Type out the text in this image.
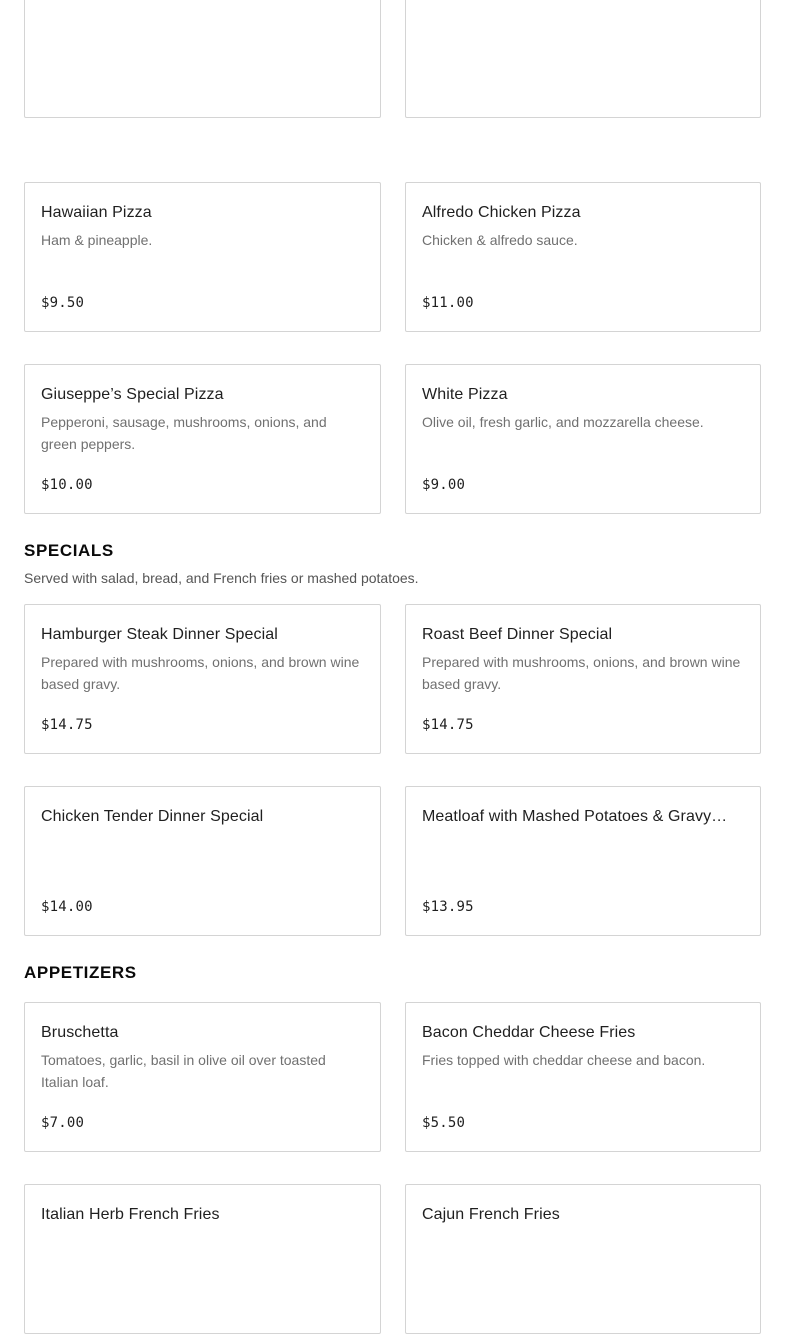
Hawaiian Pizza
Ham & pineapple.
$9.50
Alfredo Chicken Pizza
Chicken & alfredo sauce.
$11.00
Giuseppe’s Special Pizza
Pepperoni, sausage, mushrooms, onions, and green peppers.
$10.00
White Pizza
Olive oil, fresh garlic, and mozzarella cheese.
$9.00
SPECIALS
Served with salad, bread, and French fries or mashed potatoes.
Hamburger Steak Dinner Special
Prepared with mushrooms, onions, and brown wine based gravy.
$14.75
Roast Beef Dinner Special
Prepared with mushrooms, onions, and brown wine based gravy.
$14.75
Chicken Tender Dinner Special
$14.00
Meatloaf with Mashed Potatoes & Gravy…
$13.95
APPETIZERS
Bruschetta
Tomatoes, garlic, basil in olive oil over toasted Italian loaf.
$7.00
Bacon Cheddar Cheese Fries
Fries topped with cheddar cheese and bacon.
$5.50
Italian Herb French Fries	Cajun French Fries
